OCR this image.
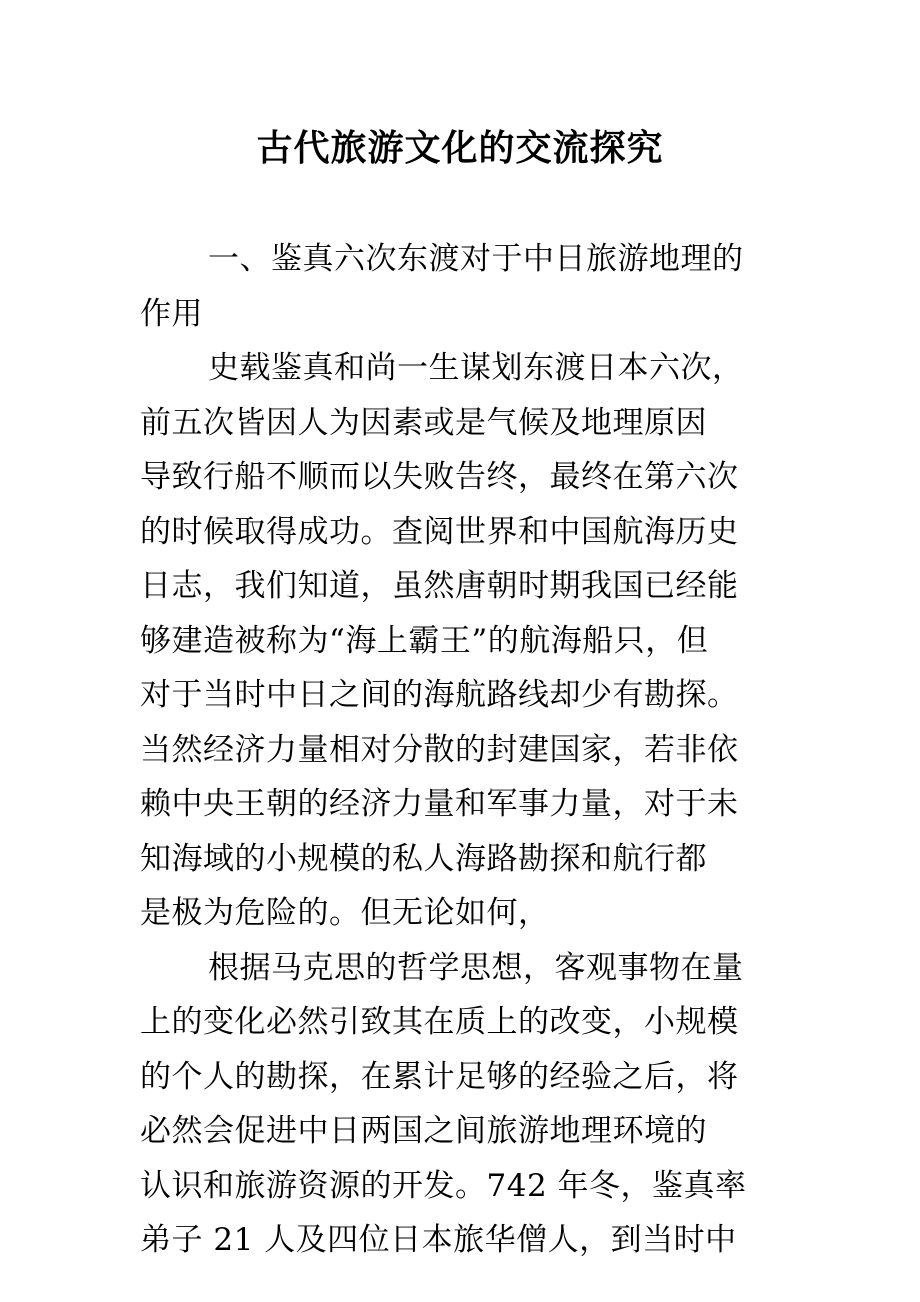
古代旅游文化的交流探究
一、鉴真六次东渡对于中日旅游地理的
作用
史载鉴真和尚一生谋划东渡日本六次，
前五次皆因人为因素或是气候及地理原因
导致行船不顺而以失败告终，最终在第六次
的时候取得成功。查阅世界和中国航海历史
日志，我们知道，虽然唐朝时期我国已经能
够建造被称为“海上霸王”的航海船只，但
对于当时中日之间的海航路线却少有勘探。
当然经济力量相对分散的封建国家，若非依
赖中央王朝的经济力量和军事力量，对于未
知海域的小规模的私人海路勘探和航行都
是极为危险的。但无论如何，
根据马克思的哲学思想，客观事物在量
上的变化必然引致其在质上的改变，小规模
的个人的勘探，在累计足够的经验之后，将
必然会促进中日两国之间旅游地理环境的
认识和旅游资源的开发。742 年冬，鉴真率
弟子 21 人及四位日本旅华僧人，到当时中
